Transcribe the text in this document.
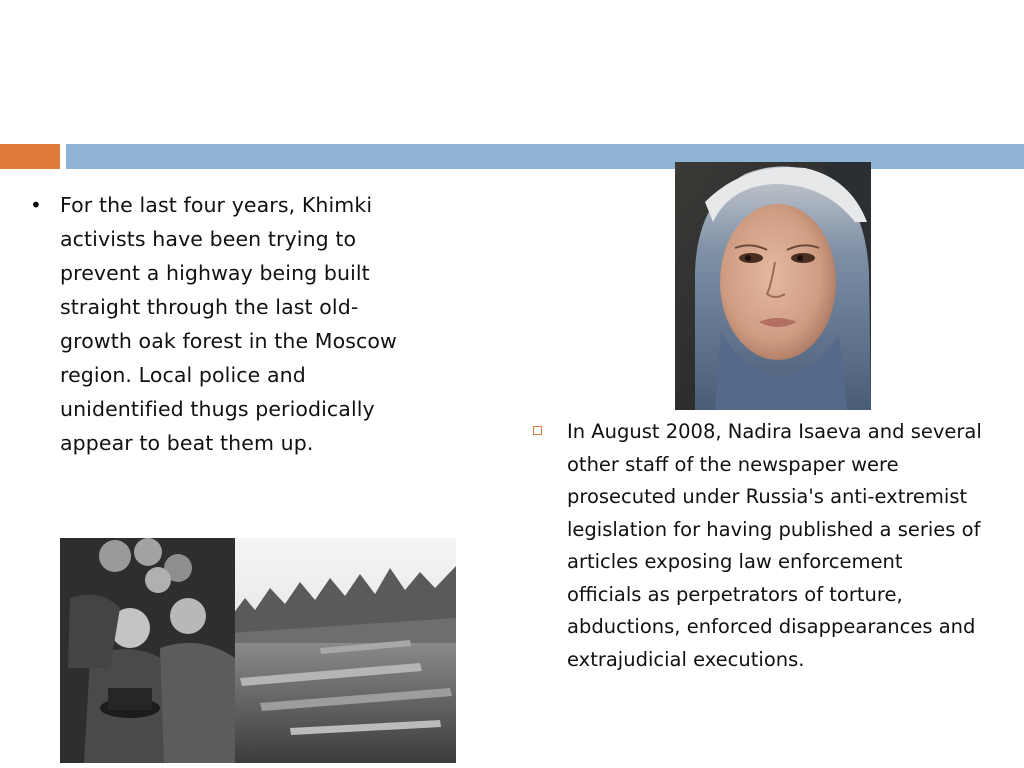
• For the last four years, Khimki activists have been trying to prevent a highway being built straight through the last old-growth oak forest in the Moscow region. Local police and unidentified thugs periodically appear to beat them up.	In August 2008, Nadira Isaeva and several other staff of the newspaper were prosecuted under Russia's anti-extremist legislation for having published a series of articles exposing law enforcement officials as perpetrators of torture, abductions, enforced disappearances and extrajudicial executions.
